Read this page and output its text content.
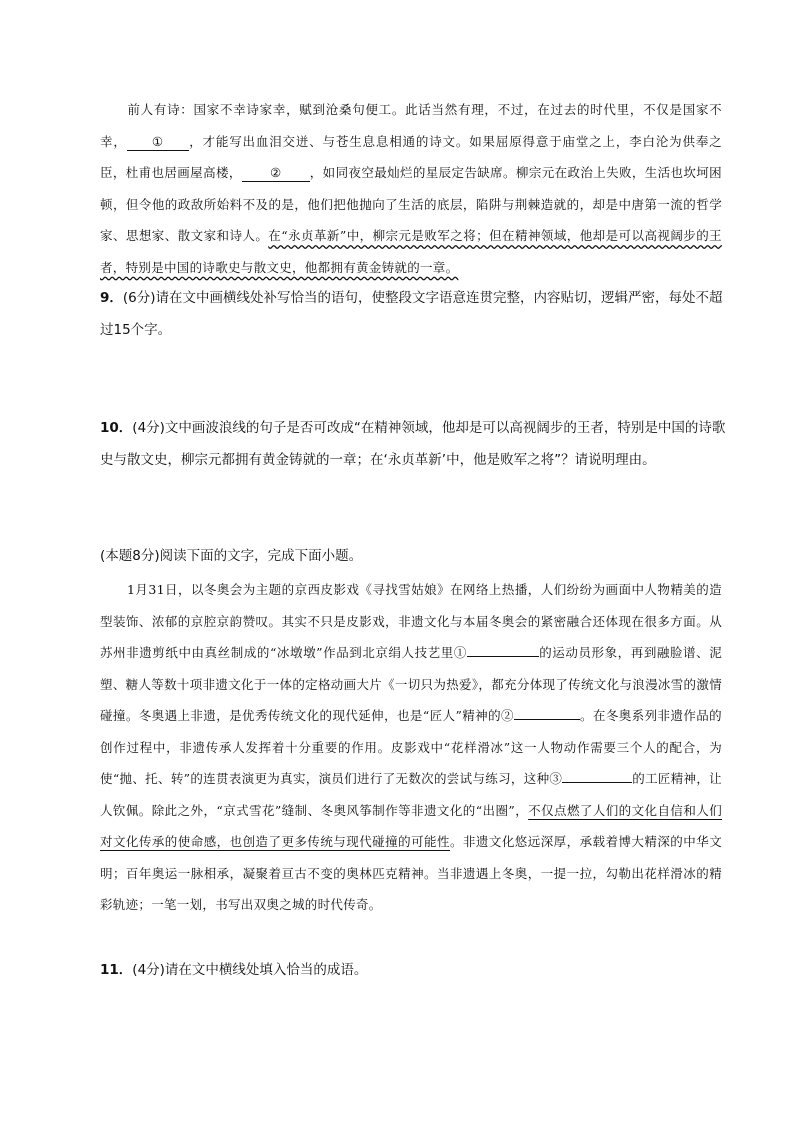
前人有诗：国家不幸诗家幸，赋到沧桑句便工。此话当然有理，不过，在过去的时代里，不仅是国家不幸， ① ，才能写出血泪交迸、与苍生息息相通的诗文。如果屈原得意于庙堂之上，李白沦为供奉之臣，杜甫也居画屋高楼， ② ，如同夜空最灿烂的星辰定告缺席。柳宗元在政治上失败，生活也坎坷困顿，但令他的政敌所始料不及的是，他们把他抛向了生活的底层，陷阱与荆棘造就的，却是中唐第一流的哲学家、思想家、散文家和诗人。在“永贞革新”中，柳宗元是败军之将；但在精神领域，他却是可以高视阔步的王者，特别是中国的诗歌史与散文史，他都拥有黄金铸就的一章。
9．(6分)请在文中画横线处补写恰当的语句，使整段文字语意连贯完整，内容贴切，逻辑严密，每处不超过15个字。
10．(4分)文中画波浪线的句子是否可改成“在精神领域，他却是可以高视阔步的王者，特别是中国的诗歌史与散文史，柳宗元都拥有黄金铸就的一章；在‘永贞革新’中，他是败军之将”？请说明理由。
(本题8分)阅读下面的文字，完成下面小题。
1月31日，以冬奥会为主题的京西皮影戏《寻找雪姑娘》在网络上热播，人们纷纷为画面中人物精美的造型装饰、浓郁的京腔京韵赞叹。其实不只是皮影戏，非遗文化与本届冬奥会的紧密融合还体现在很多方面。从苏州非遗剪纸中由真丝制成的“冰墩墩”作品到北京绢人技艺里①	的运动员形象，再到融脸谱、泥塑、糖人等数十项非遗文化于一体的定格动画大片《一切只为热爱》，都充分体现了传统文化与浪漫冰雪的激情碰撞。冬奥遇上非遗，是优秀传统文化的现代延伸，也是“匠人”精神的②	。在冬奥系列非遗作品的创作过程中，非遗传承人发挥着十分重要的作用。皮影戏中“花样滑冰”这一人物动作需要三个人的配合，为使“抛、托、转”的连贯表演更为真实，演员们进行了无数次的尝试与练习，这种③	的工匠精神，让人钦佩。除此之外，“京式雪花”缝制、冬奥风筝制作等非遗文化的“出圈”，不仅点燃了人们的文化自信和人们对文化传承的使命感，也创造了更多传统与现代碰撞的可能性。非遗文化悠远深厚，承载着博大精深的中华文明；百年奥运一脉相承，凝聚着亘古不变的奥林匹克精神。当非遗遇上冬奥，一提一拉，勾勒出花样滑冰的精彩轨迹；一笔一划，书写出双奥之城的时代传奇。
11．(4分)请在文中横线处填入恰当的成语。
